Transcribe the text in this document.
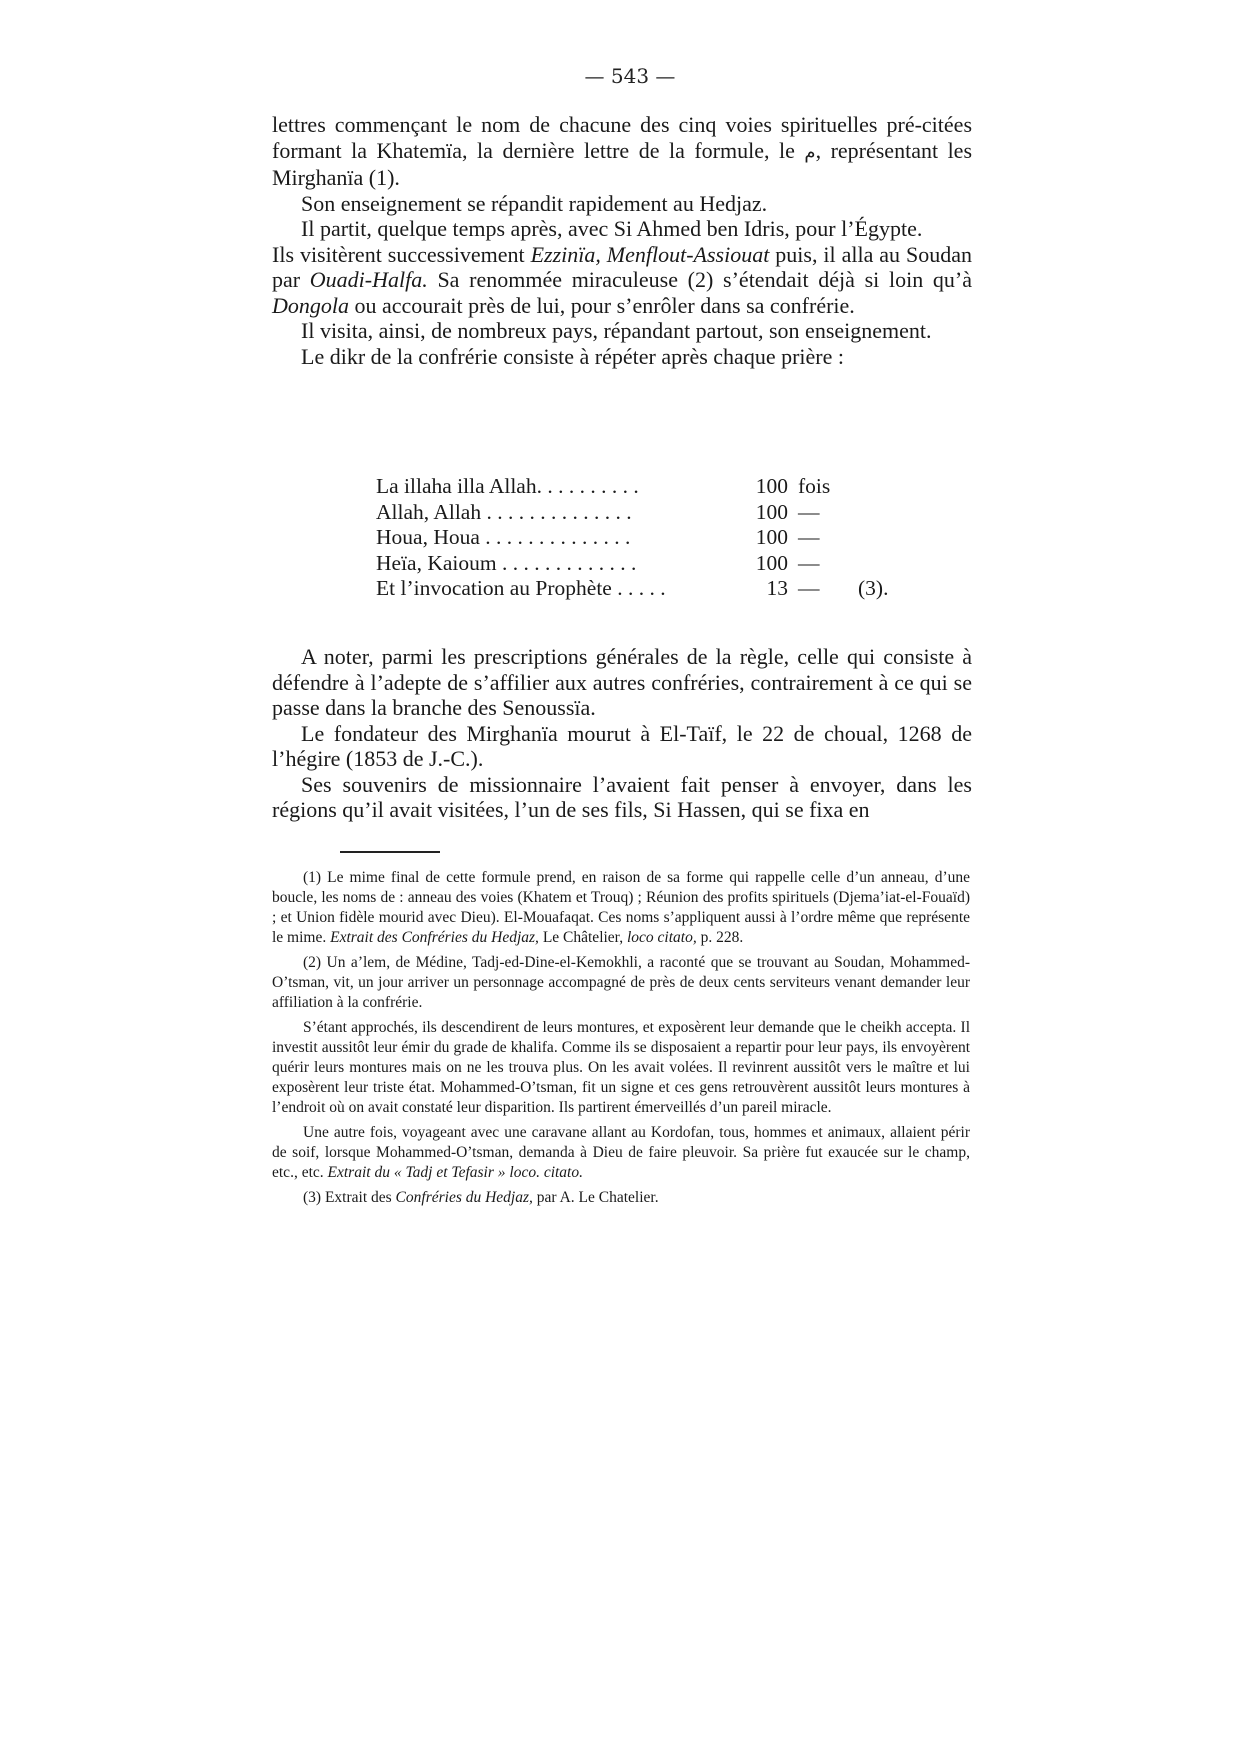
— 543 —

lettres commençant le nom de chacune des cinq voies spirituelles pré-citées formant la Khatemïa, la dernière lettre de la formule, le م, représentant les Mirghanïa (1).

Son enseignement se répandit rapidement au Hedjaz.

Il partit, quelque temps après, avec Si Ahmed ben Idris, pour l’Égypte.

Ils visitèrent successivement Ezzinïa, Menflout-Assiouat puis, il alla au Soudan par Ouadi-Halfa. Sa renommée miraculeuse (2) s’étendait déjà si loin qu’à Dongola ou accourait près de lui, pour s’enrôler dans sa confrérie.

Il visita, ainsi, de nombreux pays, répandant partout, son enseignement.

Le dikr de la confrérie consiste à répéter après chaque prière :

La illaha illa Allah. . . . . . . . . .	100 fois
Allah, Allah . . . . . . . . . . . . . .	100 —
Houa, Houa . . . . . . . . . . . . . .	100 —
Heïa, Kaioum . . . . . . . . . . . . .	100 —
Et l’invocation au Prophète . . . . .	13 —	(3).

A noter, parmi les prescriptions générales de la règle, celle qui consiste à défendre à l’adepte de s’affilier aux autres confréries, contrairement à ce qui se passe dans la branche des Senoussïa.

Le fondateur des Mirghanïa mourut à El-Taïf, le 22 de choual, 1268 de l’hégire (1853 de J.-C.).

Ses souvenirs de missionnaire l’avaient fait penser à envoyer, dans les régions qu’il avait visitées, l’un de ses fils, Si Hassen, qui se fixa en

(1) Le mime final de cette formule prend, en raison de sa forme qui rappelle celle d’un anneau, d’une boucle, les noms de : anneau des voies (Khatem et Trouq) ; Réunion des profits spirituels (Djema’iat-el-Fouaïd) ; et Union fidèle mourid avec Dieu). El-Mouafaqat. Ces noms s’appliquent aussi à l’ordre même que représente le mime. Extrait des Confréries du Hedjaz, Le Châtelier, loco citato, p. 228.

(2) Un a’lem, de Médine, Tadj-ed-Dine-el-Kemokhli, a raconté que se trouvant au Soudan, Mohammed-O’tsman, vit, un jour arriver un personnage accompagné de près de deux cents serviteurs venant demander leur affiliation à la confrérie.

S’étant approchés, ils descendirent de leurs montures, et exposèrent leur demande que le cheikh accepta. Il investit aussitôt leur émir du grade de khalifa. Comme ils se disposaient a repartir pour leur pays, ils envoyèrent quérir leurs montures mais on ne les trouva plus. On les avait volées. Il revinrent aussitôt vers le maître et lui exposèrent leur triste état. Mohammed-O’tsman, fit un signe et ces gens retrouvèrent aussitôt leurs montures à l’endroit où on avait constaté leur disparition. Ils partirent émerveillés d’un pareil miracle.

Une autre fois, voyageant avec une caravane allant au Kordofan, tous, hommes et animaux, allaient périr de soif, lorsque Mohammed-O’tsman, demanda à Dieu de faire pleuvoir. Sa prière fut exaucée sur le champ, etc., etc. Extrait du « Tadj et Tefasir » loco. citato.

(3) Extrait des Confréries du Hedjaz, par A. Le Chatelier.
